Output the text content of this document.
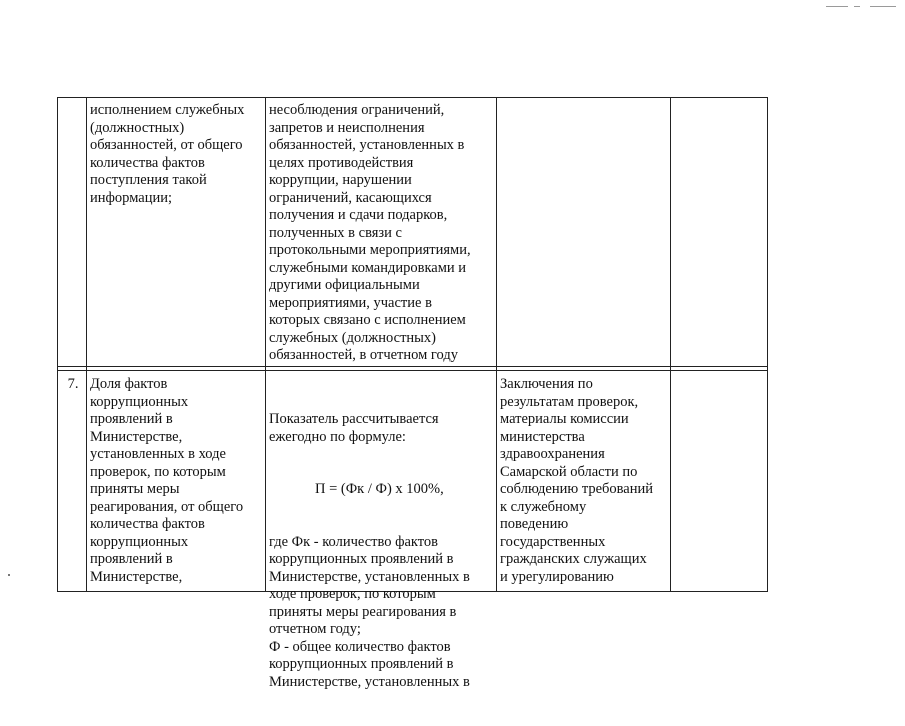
исполнением служебных
(должностных)
обязанностей, от общего
количества фактов
поступления такой
информации;
несоблюдения ограничений,
запретов и неисполнения
обязанностей, установленных в
целях противодействия
коррупции, нарушении
ограничений, касающихся
получения и сдачи подарков,
полученных в связи с
протокольными мероприятиями,
служебными командировками и
другими официальными
мероприятиями, участие в
которых связано с исполнением
служебных (должностных)
обязанностей, в отчетном году
7. Доля фактов
коррупционных
проявлений в
Министерстве,
установленных в ходе
проверок, по которым
приняты меры
реагирования, от общего
количества фактов
коррупционных
проявлений в
Министерстве,

Показатель рассчитывается
ежегодно по формуле:

П = (Фк / Ф) х 100%,

где Фк - количество фактов
коррупционных проявлений в
Министерстве, установленных в
ходе проверок, по которым
приняты меры реагирования в
отчетном году;
Ф - общее количество фактов
коррупционных проявлений в
Министерстве, установленных в

Заключения по
результатам проверок,
материалы комиссии
министерства
здравоохранения
Самарской области по
соблюдению требований
к служебному
поведению
государственных
гражданских служащих
и урегулированию
